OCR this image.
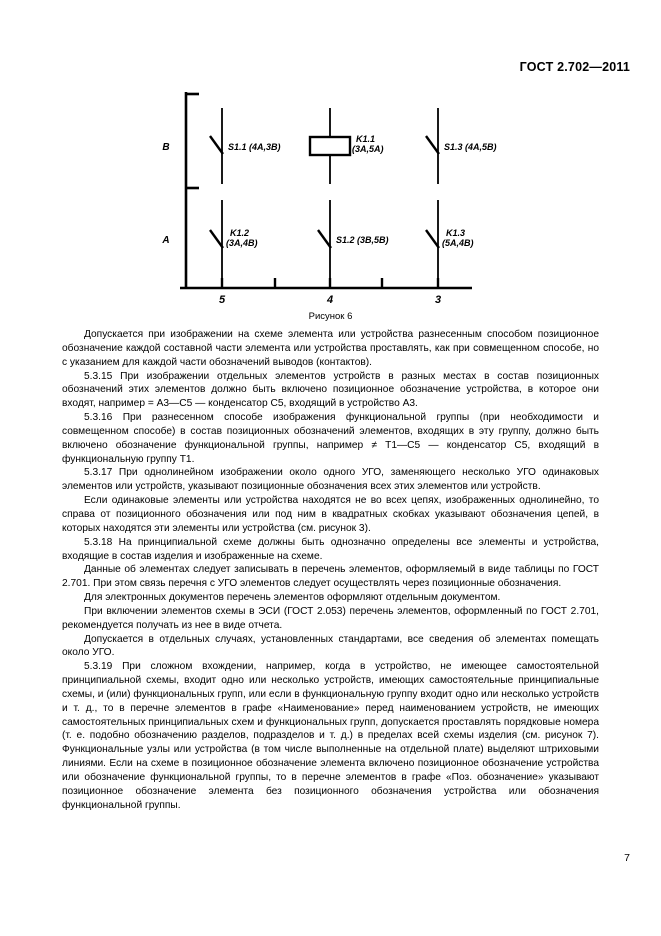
ГОСТ 2.702—2011
B
A
5	4	3
S1.1 (4A,3B)
K1.1
(3A,5A)	S1.3 (4A,5B)
K1.2
(3A,4B)	S1.2 (3B,5B)
K1.3
(5A,4B)
Рисунок 6

Допускается при изображении на схеме элемента или устройства разнесенным способом позиционное обозначение каждой составной части элемента или устройства проставлять, как при совмещенном способе, но с указанием для каждой части обозначений выводов (контактов).

5.3.15 При изображении отдельных элементов устройств в разных местах в состав позиционных обозначений этих элементов должно быть включено позиционное обозначение устройства, в которое они входят, например = A3—C5 — конденсатор C5, входящий в устройство A3.

5.3.16 При разнесенном способе изображения функциональной группы (при необходимости и совмещенном способе) в состав позиционных обозначений элементов, входящих в эту группу, должно быть включено обозначение функциональной группы, например ≠ T1—C5 — конденсатор C5, входящий в функциональную группу T1.

5.3.17 При однолинейном изображении около одного УГО, заменяющего несколько УГО одинаковых элементов или устройств, указывают позиционные обозначения всех этих элементов или устройств.

Если одинаковые элементы или устройства находятся не во всех цепях, изображенных однолинейно, то справа от позиционного обозначения или под ним в квадратных скобках указывают обозначения цепей, в которых находятся эти элементы или устройства (см. рисунок 3).

5.3.18 На принципиальной схеме должны быть однозначно определены все элементы и устройства, входящие в состав изделия и изображенные на схеме.

Данные об элементах следует записывать в перечень элементов, оформляемый в виде таблицы по ГОСТ 2.701. При этом связь перечня с УГО элементов следует осуществлять через позиционные обозначения.

Для электронных документов перечень элементов оформляют отдельным документом.

При включении элементов схемы в ЭСИ (ГОСТ 2.053) перечень элементов, оформленный по ГОСТ 2.701, рекомендуется получать из нее в виде отчета.

Допускается в отдельных случаях, установленных стандартами, все сведения об элементах помещать около УГО.

5.3.19 При сложном вхождении, например, когда в устройство, не имеющее самостоятельной принципиальной схемы, входит одно или несколько устройств, имеющих самостоятельные принципиальные схемы, и (или) функциональных групп, или если в функциональную группу входит одно или несколько устройств и т. д., то в перечне элементов в графе «Наименование» перед наименованием устройств, не имеющих самостоятельных принципиальных схем и функциональных групп, допускается проставлять порядковые номера (т. е. подобно обозначению разделов, подразделов и т. д.) в пределах всей схемы изделия (см. рисунок 7). Функциональные узлы или устройства (в том числе выполненные на отдельной плате) выделяют штриховыми линиями. Если на схеме в позиционное обозначение элемента включено позиционное обозначение устройства или обозначение функциональной группы, то в перечне элементов в графе «Поз. обозначение» указывают позиционное обозначение элемента без позиционного обозначения устройства или обозначения функциональной группы.

7
